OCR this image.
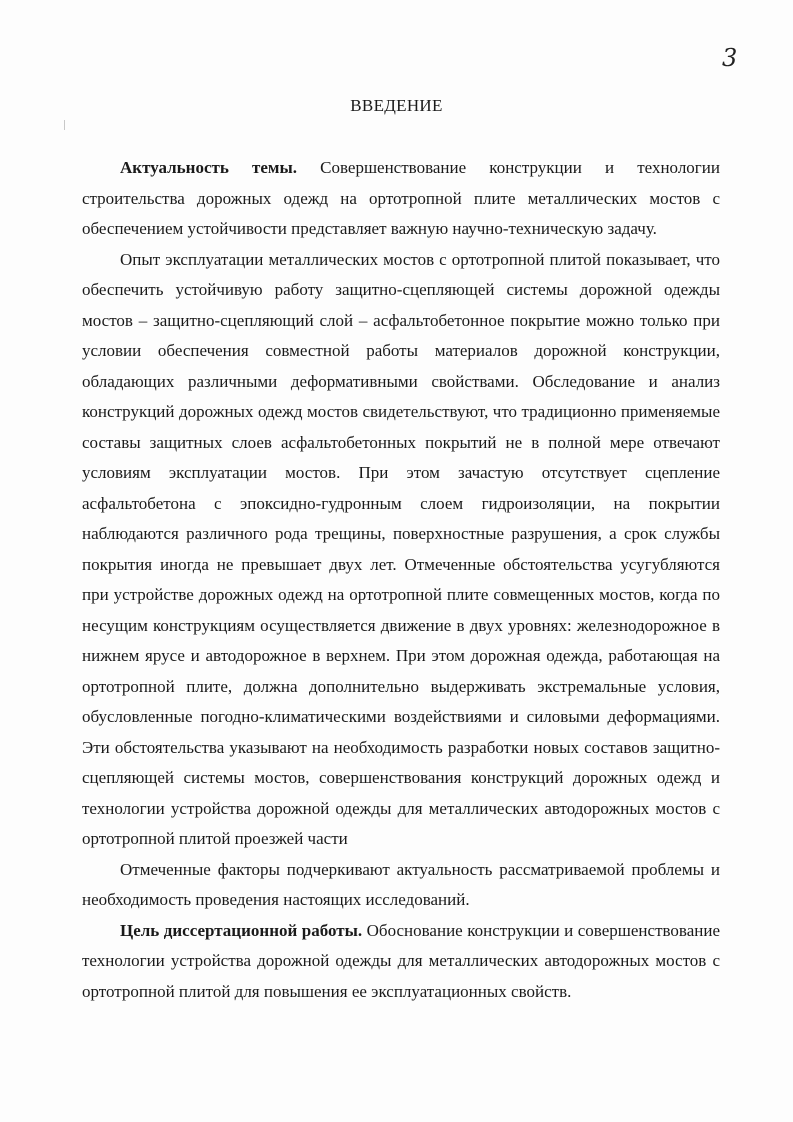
3
ВВЕДЕНИЕ

Актуальность темы. Совершенствование конструкции и технологии строительства дорожных одежд на ортотропной плите металлических мостов с обеспечением устойчивости представляет важную научно-техническую задачу.

Опыт эксплуатации металлических мостов с ортотропной плитой показывает, что обеспечить устойчивую работу защитно-сцепляющей системы дорожной одежды мостов – защитно-сцепляющий слой – асфальтобетонное покрытие можно только при условии обеспечения совместной работы материалов дорожной конструкции, обладающих различными деформативными свойствами. Обследование и анализ конструкций дорожных одежд мостов свидетельствуют, что традиционно применяемые составы защитных слоев асфальтобетонных покрытий не в полной мере отвечают условиям эксплуатации мостов. При этом зачастую отсутствует сцепление асфальтобетона с эпоксидно-гудронным слоем гидроизоляции, на покрытии наблюдаются различного рода трещины, поверхностные разрушения, а срок службы покрытия иногда не превышает двух лет. Отмеченные обстоятельства усугубляются при устройстве дорожных одежд на ортотропной плите совмещенных мостов, когда по несущим конструкциям осуществляется движение в двух уровнях: железнодорожное в нижнем ярусе и автодорожное в верхнем. При этом дорожная одежда, работающая на ортотропной плите, должна дополнительно выдерживать экстремальные условия, обусловленные погодно-климатическими воздействиями и силовыми деформациями. Эти обстоятельства указывают на необходимость разработки новых составов защитно-сцепляющей системы мостов, совершенствования конструкций дорожных одежд и технологии устройства дорожной одежды для металлических автодорожных мостов с ортотропной плитой проезжей части

Отмеченные факторы подчеркивают актуальность рассматриваемой проблемы и необходимость проведения настоящих исследований.

Цель диссертационной работы. Обоснование конструкции и совершенствование технологии устройства дорожной одежды для металлических автодорожных мостов с ортотропной плитой для повышения ее эксплуатационных свойств.
